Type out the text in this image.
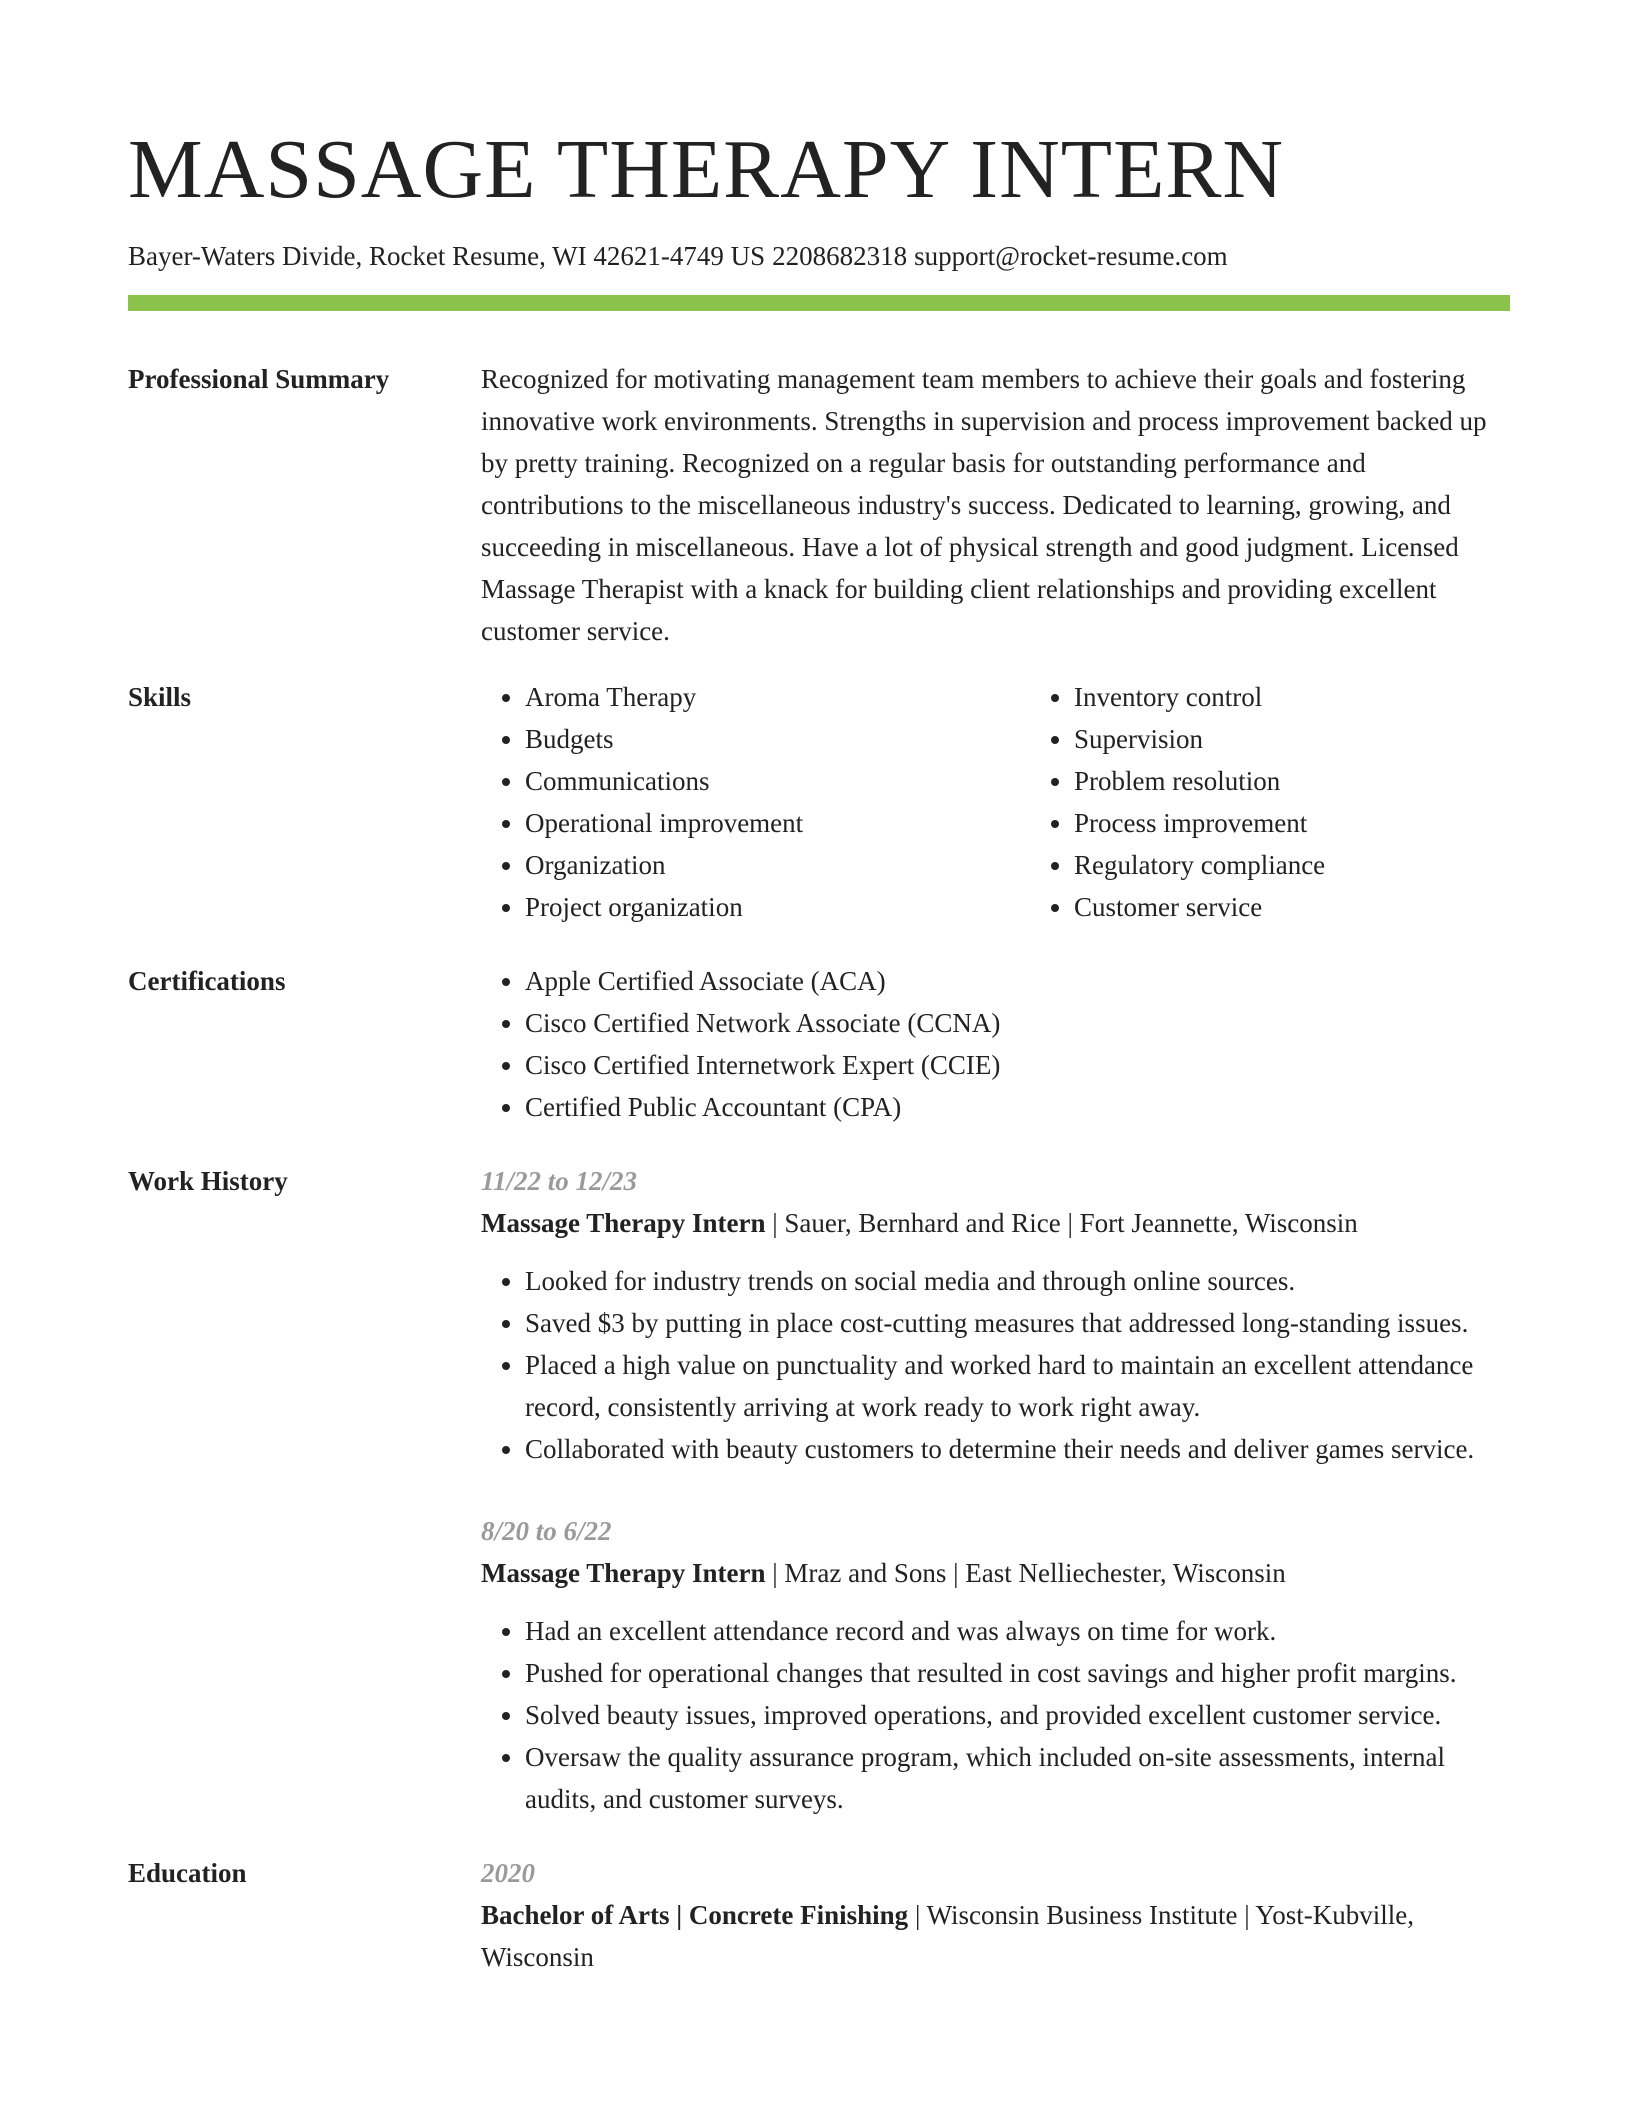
MASSAGE THERAPY INTERN
Bayer-Waters Divide, Rocket Resume, WI 42621-4749 US 2208682318 support@rocket-resume.com
Professional Summary	Recognized for motivating management team members to achieve their goals and fostering innovative work environments. Strengths in supervision and process improvement backed up by pretty training. Recognized on a regular basis for outstanding performance and contributions to the miscellaneous industry's success. Dedicated to learning, growing, and succeeding in miscellaneous. Have a lot of physical strength and good judgment. Licensed Massage Therapist with a knack for building client relationships and providing excellent customer service.

Skills	• Aroma Therapy
• Budgets
• Communications
• Operational improvement
• Organization
• Project organization
• Inventory control
• Supervision
• Problem resolution
• Process improvement
• Regulatory compliance
• Customer service
Certifications	• Apple Certified Associate (ACA)
• Cisco Certified Network Associate (CCNA)
• Cisco Certified Internetwork Expert (CCIE)
• Certified Public Accountant (CPA)
Work History	11/22 to 12/23
Massage Therapy Intern | Sauer, Bernhard and Rice | Fort Jeannette, Wisconsin
• Looked for industry trends on social media and through online sources.
• Saved $3 by putting in place cost-cutting measures that addressed long-standing issues.
• Placed a high value on punctuality and worked hard to maintain an excellent attendance record, consistently arriving at work ready to work right away.
• Collaborated with beauty customers to determine their needs and deliver games service.
8/20 to 6/22
Massage Therapy Intern | Mraz and Sons | East Nelliechester, Wisconsin
• Had an excellent attendance record and was always on time for work.
• Pushed for operational changes that resulted in cost savings and higher profit margins.
• Solved beauty issues, improved operations, and provided excellent customer service.
• Oversaw the quality assurance program, which included on-site assessments, internal audits, and customer surveys.
Education	2020
Bachelor of Arts | Concrete Finishing | Wisconsin Business Institute | Yost-Kubville, Wisconsin
